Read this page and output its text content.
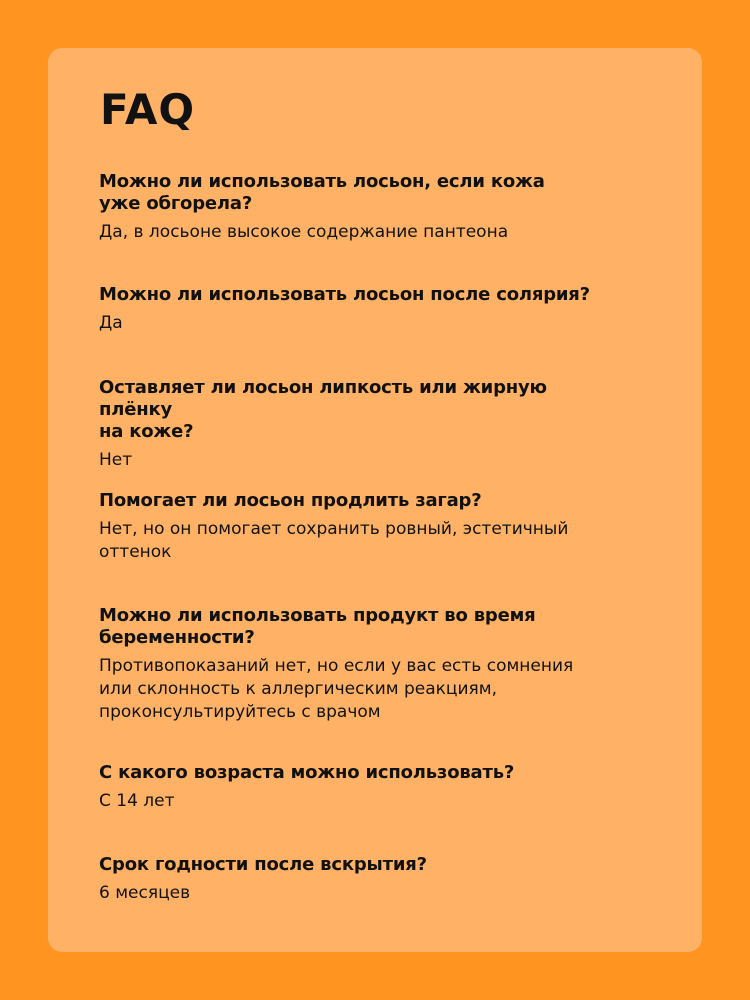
FAQ

Можно ли использовать лосьон, если кожа
уже обгорела?

Да, в лосьоне высокое содержание пантеона

Можно ли использовать лосьон после солярия?

Да

Оставляет ли лосьон липкость или жирную плёнку
на коже?

Нет

Помогает ли лосьон продлить загар?

Нет, но он помогает сохранить ровный, эстетичный
оттенок

Можно ли использовать продукт во время
беременности?

Противопоказаний нет, но если у вас есть сомнения
или склонность к аллергическим реакциям,
проконсультируйтесь с врачом

С какого возраста можно использовать?

С 14 лет

Срок годности после вскрытия?

6 месяцев
